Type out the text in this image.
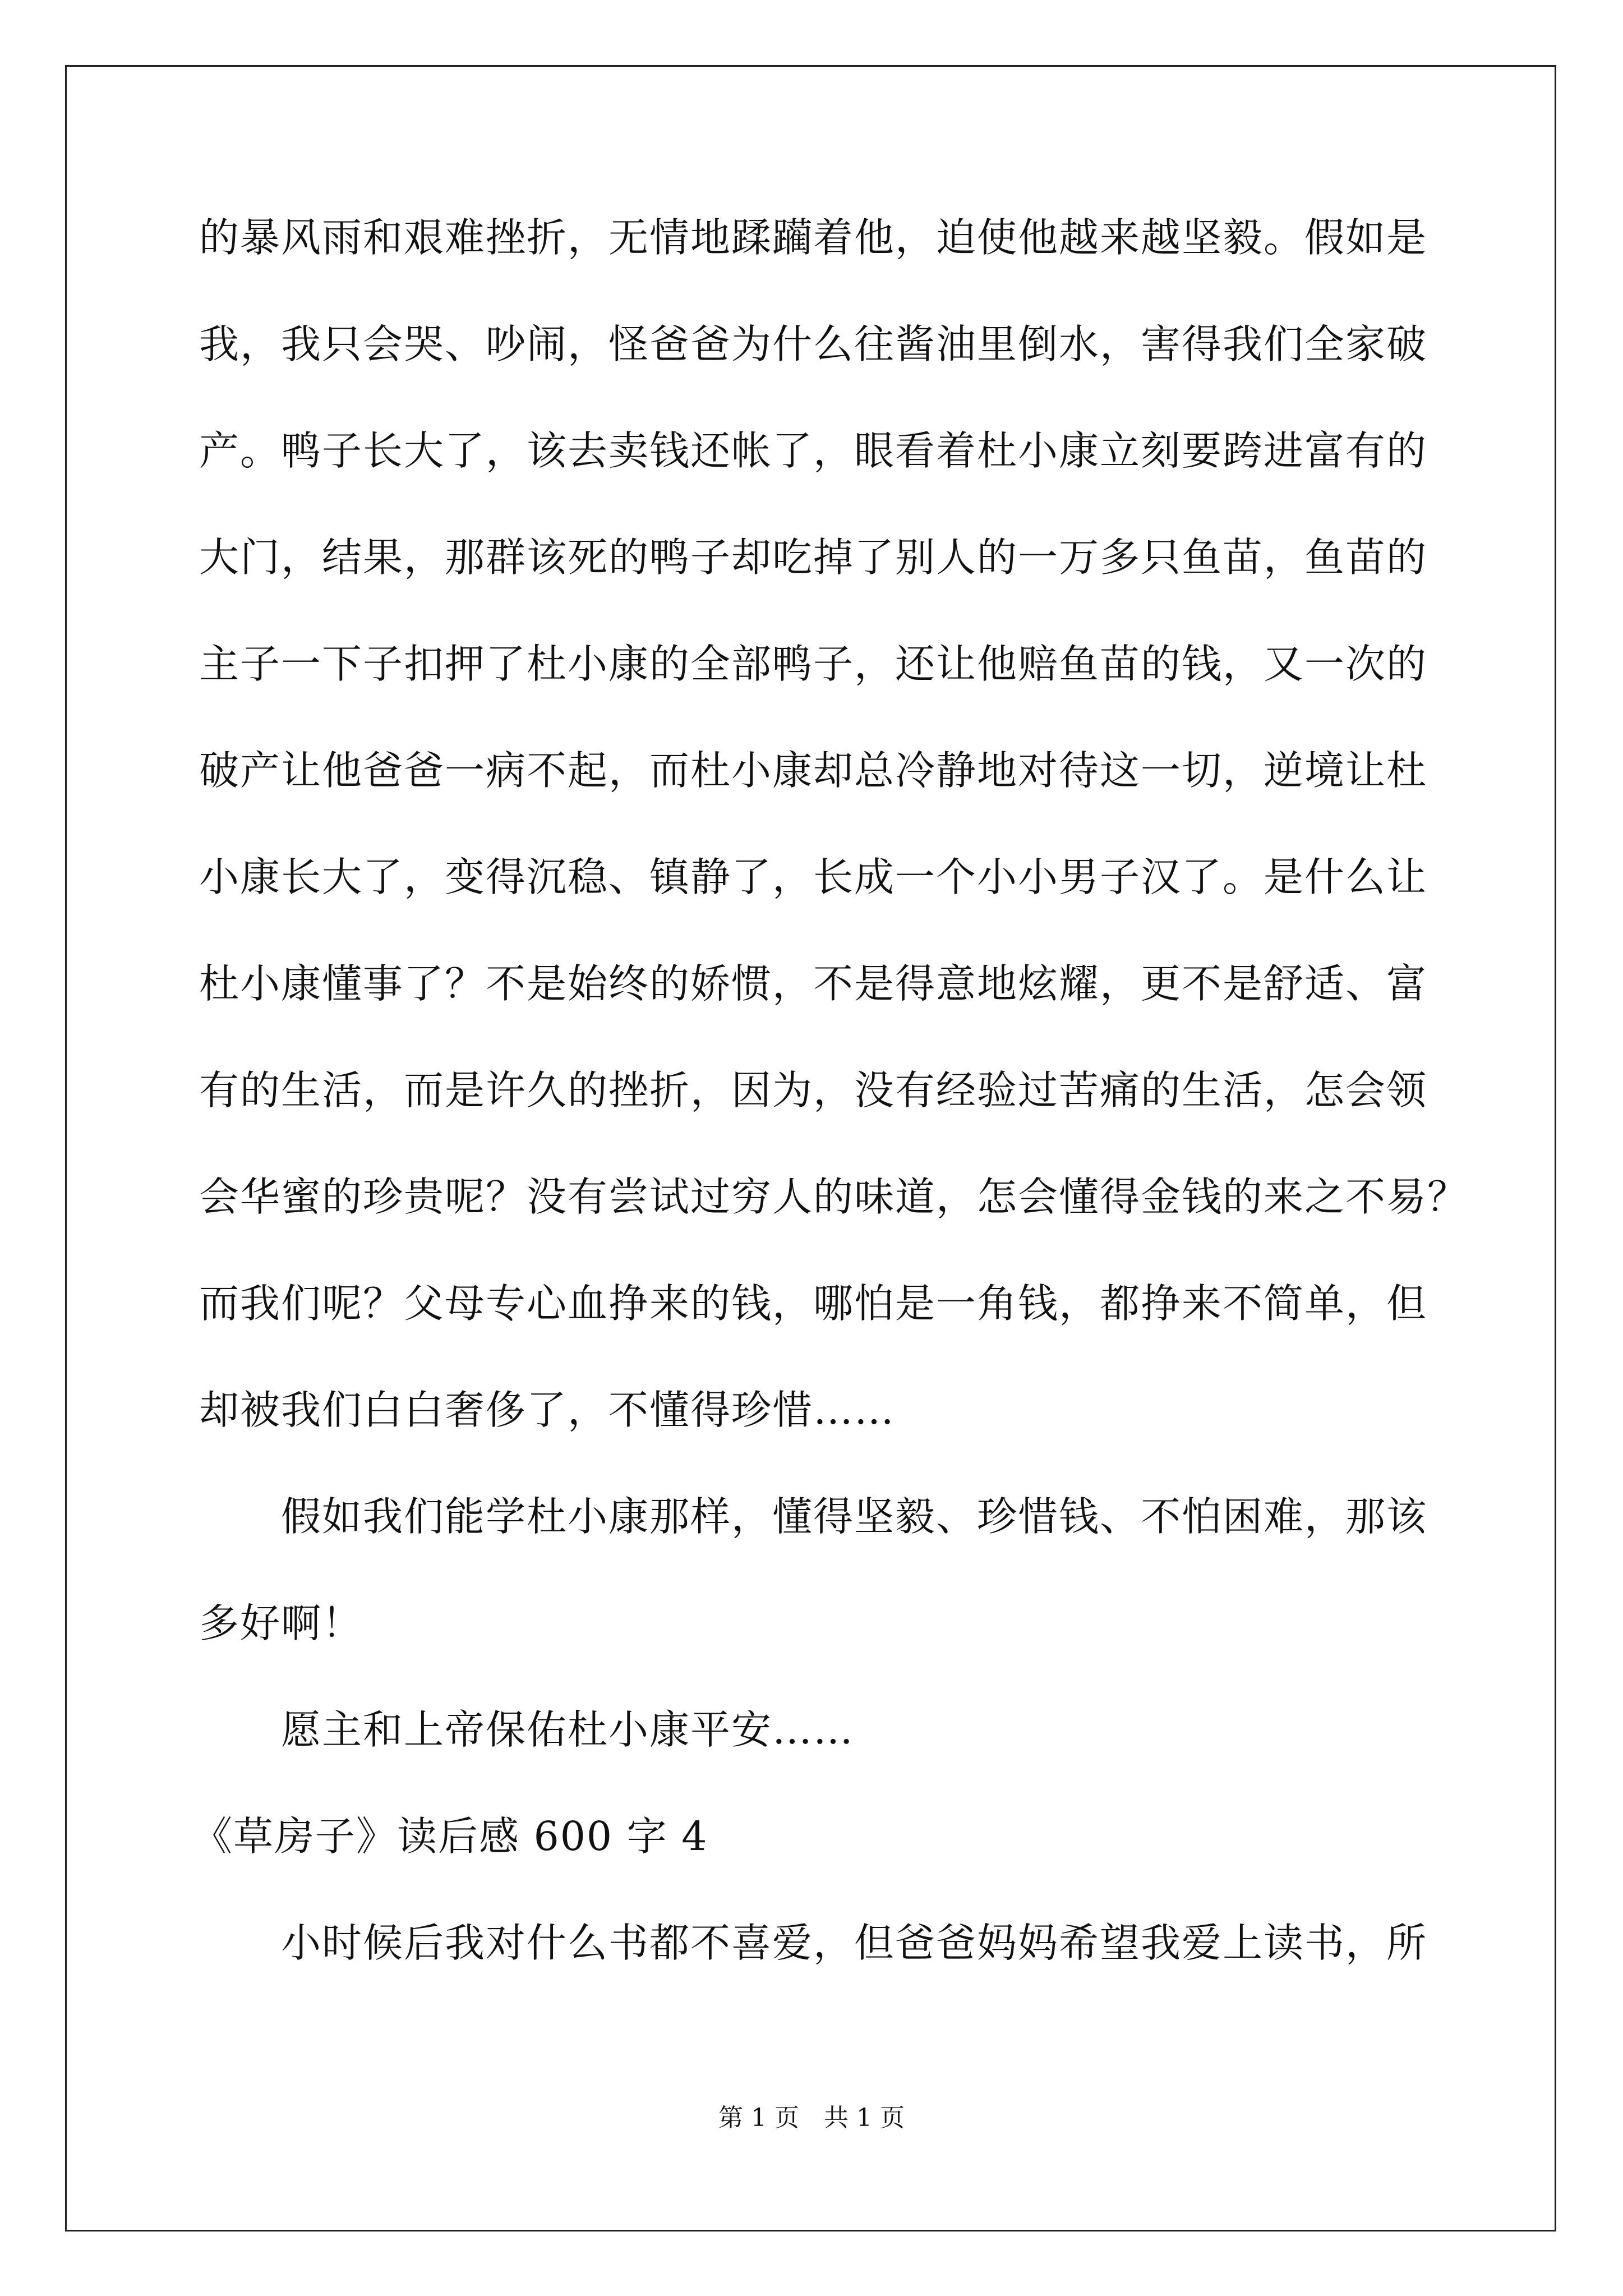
的暴风雨和艰难挫折，无情地蹂躏着他，迫使他越来越坚毅。假如是
我，我只会哭、吵闹，怪爸爸为什么往酱油里倒水，害得我们全家破
产。鸭子长大了，该去卖钱还帐了，眼看着杜小康立刻要跨进富有的
大门，结果，那群该死的鸭子却吃掉了别人的一万多只鱼苗，鱼苗的
主子一下子扣押了杜小康的全部鸭子，还让他赔鱼苗的钱，又一次的
破产让他爸爸一病不起，而杜小康却总冷静地对待这一切，逆境让杜
小康长大了，变得沉稳、镇静了，长成一个小小男子汉了。是什么让
杜小康懂事了？不是始终的娇惯，不是得意地炫耀，更不是舒适、富
有的生活，而是许久的挫折，因为，没有经验过苦痛的生活，怎会领
会华蜜的珍贵呢？没有尝试过穷人的味道，怎会懂得金钱的来之不易？
而我们呢？父母专心血挣来的钱，哪怕是一角钱，都挣来不简单，但
却被我们白白奢侈了，不懂得珍惜……
假如我们能学杜小康那样，懂得坚毅、珍惜钱、不怕困难，那该
多好啊！
愿主和上帝保佑杜小康平安……
《草房子》读后感 600 字 4
小时候后我对什么书都不喜爱，但爸爸妈妈希望我爱上读书，所
第 1 页　共 1 页
